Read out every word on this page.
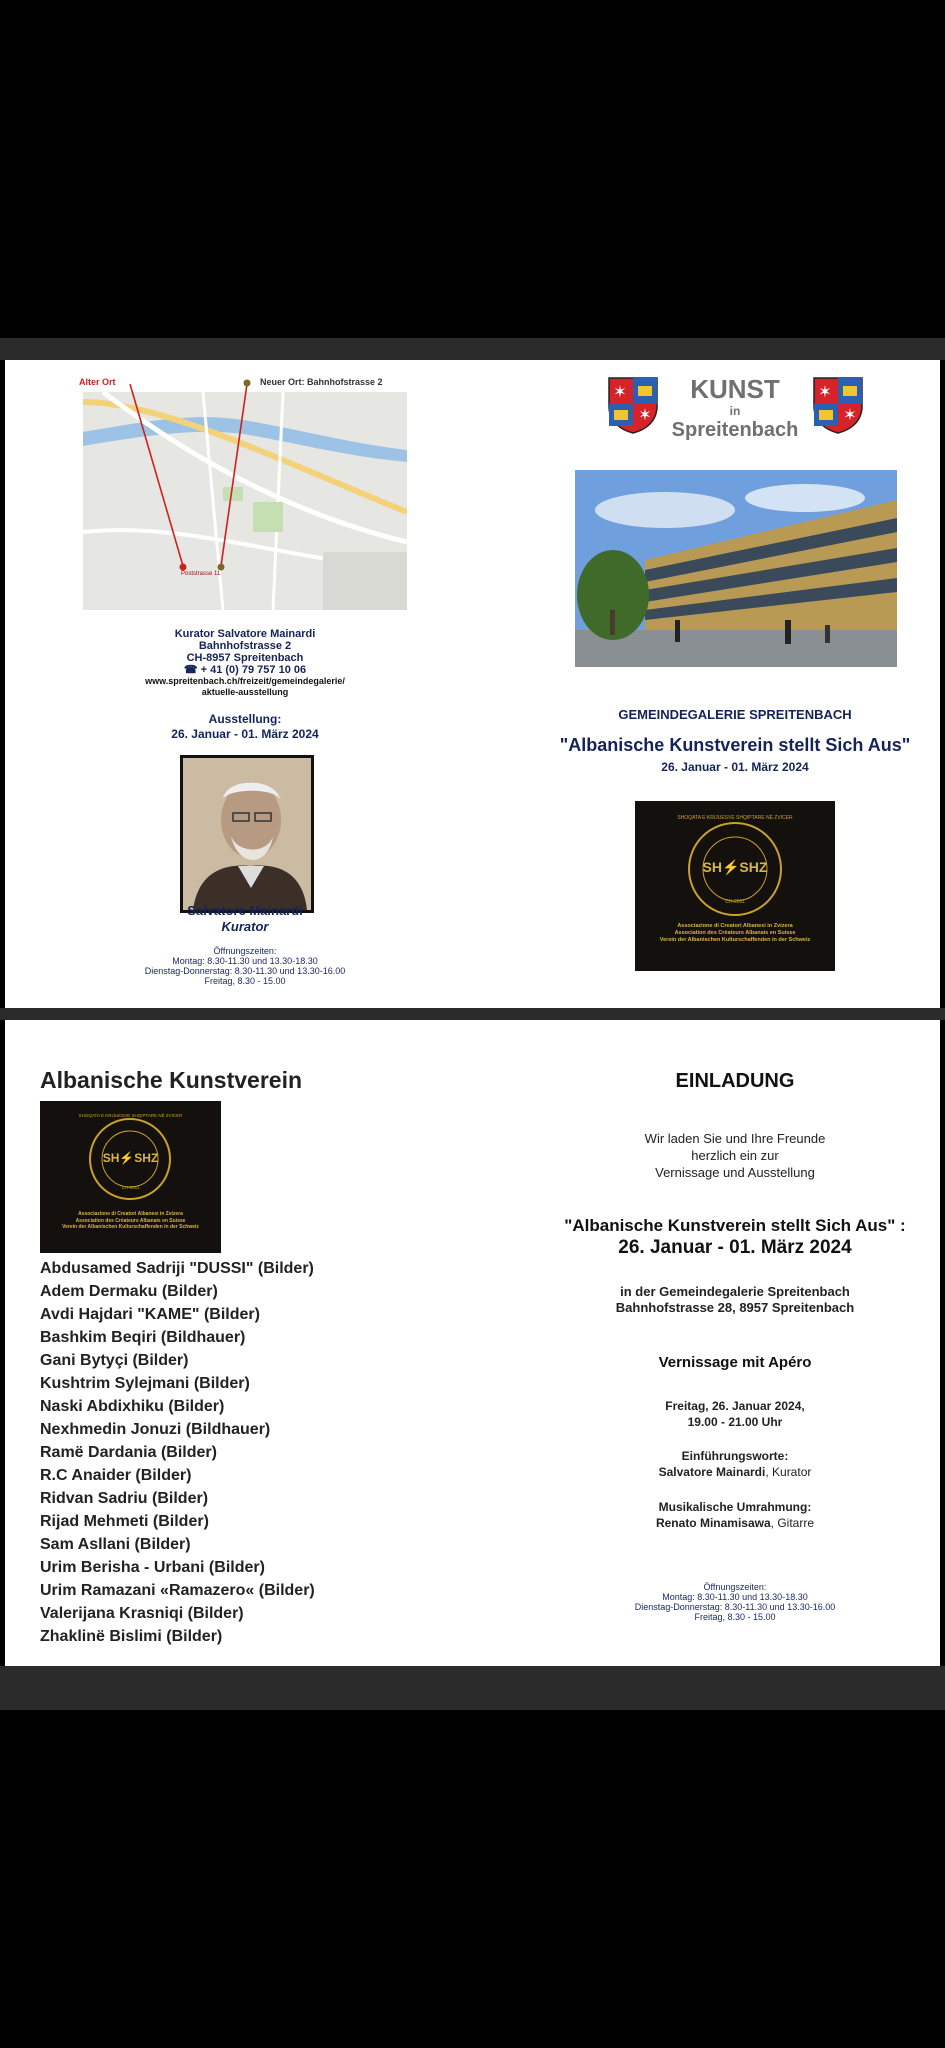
Alter Ort	Neuer Ort: Bahnhofstrasse 2
Poststrasse 11
Kurator Salvatore Mainardi
Bahnhofstrasse 2
CH-8957 Spreitenbach
☎ + 41 (0) 79 757 10 06
www.spreitenbach.ch/freizeit/gemeindegalerie/
aktuelle-ausstellung
Ausstellung:
26. Januar - 01. März 2024
Salvatore Mainardi
Kurator
Öffnungszeiten:
Montag: 8.30-11.30 und 13.30-18.30
Dienstag-Donnerstag: 8.30-11.30 und 13.30-16.00
Freitag, 8.30 - 15.00
✶
✶
✶
✶
KUNST
in
Spreitenbach
GEMEINDEGALERIE SPREITENBACH
"Albanische Kunstverein stellt Sich Aus"
26. Januar - 01. März 2024
SH⚡SHZ
SHOQATA E KRIJUESVE SHQIPTARE NË ZVICER
CH-2011
Associazione di Creatori Albanesi in Zvizera
Association des Créateurs Albanais en Suisse
Verein der Albanischen Kulturschaffenden in der Schweiz
Albanische Kunstverein
SH⚡SHZ
SHOQATA E KRIJUESVE SHQIPTARE NË ZVICER
CH-2011
Associazione di Creatori Albanesi in Zvizera
Association des Créateurs Albanais en Suisse
Verein der Albanischen Kulturschaffenden in der Schweiz
Abdusamed Sadriji "DUSSI" (Bilder)
Adem Dermaku (Bilder)
Avdi Hajdari "KAME" (Bilder)
Bashkim Beqiri (Bildhauer)
Gani Bytyçi (Bilder)
Kushtrim Sylejmani (Bilder)
Naski Abdixhiku (Bilder)
Nexhmedin Jonuzi (Bildhauer)
Ramë Dardania (Bilder)
R.C Anaider (Bilder)
Ridvan Sadriu (Bilder)
Rijad Mehmeti (Bilder)
Sam Asllani (Bilder)
Urim Berisha - Urbani (Bilder)
Urim Ramazani «Ramazero« (Bilder)
Valerijana Krasniqi (Bilder)
Zhaklinë Bislimi (Bilder)
EINLADUNG
Wir laden Sie und Ihre Freunde
herzlich ein zur
Vernissage und Ausstellung
"Albanische Kunstverein stellt Sich Aus" :
26. Januar - 01. März 2024
in der Gemeindegalerie Spreitenbach
Bahnhofstrasse 28, 8957 Spreitenbach
Vernissage mit Apéro
Freitag, 26. Januar 2024,
19.00 - 21.00 Uhr
Einführungsworte:
Salvatore Mainardi, Kurator
Musikalische Umrahmung:
Renato Minamisawa, Gitarre
Öffnungszeiten:
Montag: 8.30-11.30 und 13.30-18.30
Dienstag-Donnerstag: 8.30-11.30 und 13.30-16.00
Freitag, 8.30 - 15.00
